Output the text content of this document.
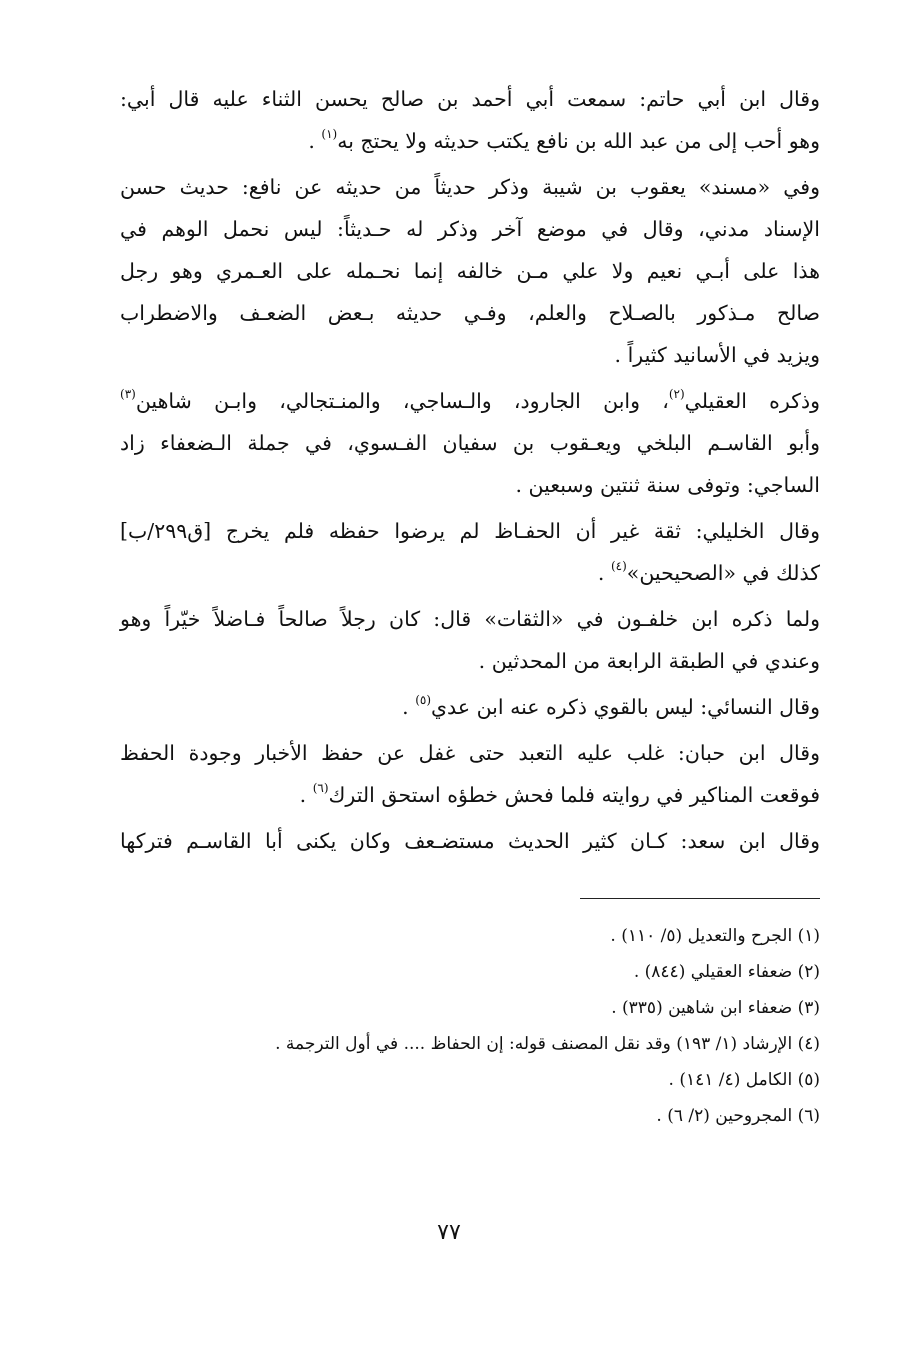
وقال ابن أبي حاتم: سمعت أبي أحمد بن صالح يحسن الثناء عليه قال أبي:
وهو أحب إلى من عبد الله بن نافع يكتب حديثه ولا يحتج به$^{(١)}$ .

وفي «مسند» يعقوب بن شيبة وذكر حديثاً من حديثه عن نافع: حديث حسن
الإسناد مدني، وقال في موضع آخر وذكر له حـديثاً: ليس نحمل الوهم في
هذا على أبـي نعيم ولا علي مـن خالفه إنما نحـمله على العـمري وهو رجل
صالح مـذكور بالصـلاح والعلم، وفـي حديثه بـعض الضعـف والاضطراب
ويزيد في الأسانيد كثيراً .

وذكره العقيلي$^{(٢)}$، وابن الجارود، والـساجي، والمنـتجالي، وابـن شاهين$^{(٣)}$
وأبو القاسـم البلخي ويعـقوب بن سفيان الفـسوي، في جملة الـضعفاء زاد
الساجي: وتوفى سنة ثنتين وسبعين .

وقال الخليلي: ثقة غير أن الحفـاظ لم يرضوا حفظه فلم يخرج [ق٢٩٩/ب]
كذلك في «الصحيحين»$^{(٤)}$ .

ولما ذكره ابن خلفـون في «الثقات» قال: كان رجلاً صالحاً فـاضلاً خيّراً وهو
وعندي في الطبقة الرابعة من المحدثين .

وقال النسائي: ليس بالقوي ذكره عنه ابن عدي$^{(٥)}$ .

وقال ابن حبان: غلب عليه التعبد حتى غفل عن حفظ الأخبار وجودة الحفظ
فوقعت المناكير في روايته فلما فحش خطؤه استحق الترك$^{(٦)}$ .

وقال ابن سعد: كـان كثير الحديث مستضـعف وكان يكنى أبا القاسـم فتركها

(١) الجرح والتعديل (٥/ ١١٠) .
(٢) ضعفاء العقيلي (٨٤٤) .
(٣) ضعفاء ابن شاهين (٣٣٥) .
(٤) الإرشاد (١/ ١٩٣) وقد نقل المصنف قوله: إن الحفاظ .... في أول الترجمة .
(٥) الكامل (٤/ ١٤١) .
(٦) المجروحين (٢/ ٦) .
٧٧
